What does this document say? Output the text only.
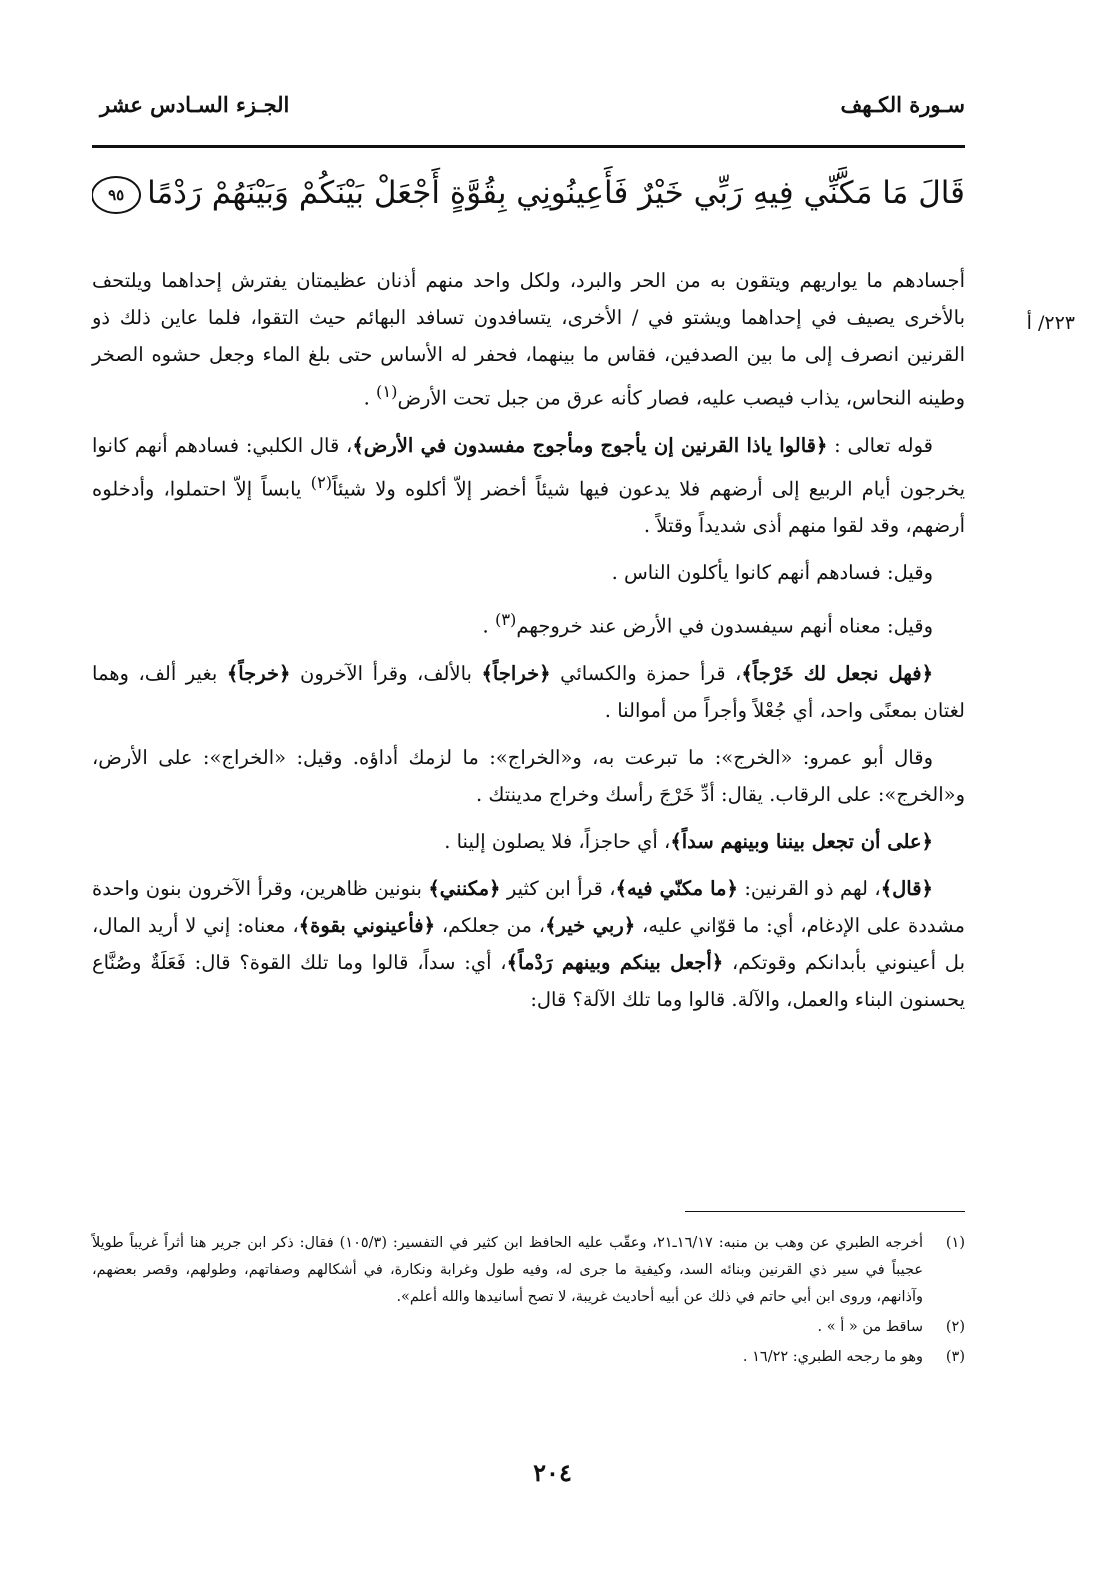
سـورة الكـهف
الجـزء السـادس عشر
قَالَ مَا مَكَّنِّي فِيهِ رَبِّي خَيْرٌ فَأَعِينُونِي بِقُوَّةٍ أَجْعَلْ بَيْنَكُمْ وَبَيْنَهُمْ رَدْمًا٩٥
٢٢٣/ أ

أجسادهم ما يواريهم ويتقون به من الحر والبرد، ولكل واحد منهم أذنان عظيمتان يفترش إحداهما ويلتحف بالأخرى يصيف في إحداهما ويشتو في / الأخرى، يتسافدون تسافد البهائم حيث التقوا، فلما عاين ذلك ذو القرنين انصرف إلى ما بين الصدفين، فقاس ما بينهما، فحفر له الأساس حتى بلغ الماء وجعل حشوه الصخر وطينه النحاس، يذاب فيصب عليه، فصار كأنه عرق من جبل تحت الأرض$^{(١)}$ .

قوله تعالى : ﴿قالوا ياذا القرنين إن يأجوج ومأجوج مفسدون في الأرض﴾، قال الكلبي: فسادهم أنهم كانوا يخرجون أيام الربيع إلى أرضهم فلا يدعون فيها شيئاً أخضر إلاّ أكلوه ولا شيئاً$^{(٢)}$ يابساً إلاّ احتملوا، وأدخلوه أرضهم، وقد لقوا منهم أذى شديداً وقتلاً .

وقيل: فسادهم أنهم كانوا يأكلون الناس .

وقيل: معناه أنهم سيفسدون في الأرض عند خروجهم$^{(٣)}$ .

﴿فهل نجعل لك خَرْجاً﴾، قرأ حمزة والكسائي ﴿خراجاً﴾ بالألف، وقرأ الآخرون ﴿خرجاً﴾ بغير ألف، وهما لغتان بمعنًى واحد، أي جُعْلاً وأجراً من أموالنا .

وقال أبو عمرو: «الخرج»: ما تبرعت به، و«الخراج»: ما لزمك أداؤه. وقيل: «الخراج»: على الأرض، و«الخرج»: على الرقاب. يقال: أدِّ خَرْجَ رأسك وخراج مدينتك .

﴿على أن تجعل بيننا وبينهم سداً﴾، أي حاجزاً، فلا يصلون إلينا .

﴿قال﴾، لهم ذو القرنين: ﴿ما مكنّي فيه﴾، قرأ ابن كثير ﴿مكنني﴾ بنونين ظاهرين، وقرأ الآخرون بنون واحدة مشددة على الإدغام، أي: ما قوّاني عليه، ﴿ربي خير﴾، من جعلكم، ﴿فأعينوني بقوة﴾، معناه: إني لا أريد المال، بل أعينوني بأبدانكم وقوتكم، ﴿أجعل بينكم وبينهم رَدْماً﴾، أي: سداً، قالوا وما تلك القوة؟ قال: فَعَلَةٌ وصُنَّاع يحسنون البناء والعمل، والآلة. قالوا وما تلك الآلة؟ قال:

(١)
أخرجه الطبري عن وهب بن منبه: ١٦/١٧ـ٢١، وعقّب عليه الحافظ ابن كثير في التفسير: (١٠٥/٣) فقال: ذكر ابن جرير هنا أثراً غريباً طويلاً عجيباً في سير ذي القرنين وبنائه السد، وكيفية ما جرى له، وفيه طول وغرابة ونكارة، في أشكالهم وصفاتهم، وطولهم، وقصر بعضهم، وآذانهم، وروى ابن أبي حاتم في ذلك عن أبيه أحاديث غريبة، لا تصح أسانيدها والله أعلم».
(٢)
ساقط من « أ » .
(٣)
وهو ما رجحه الطبري: ١٦/٢٢ .
٢٠٤
